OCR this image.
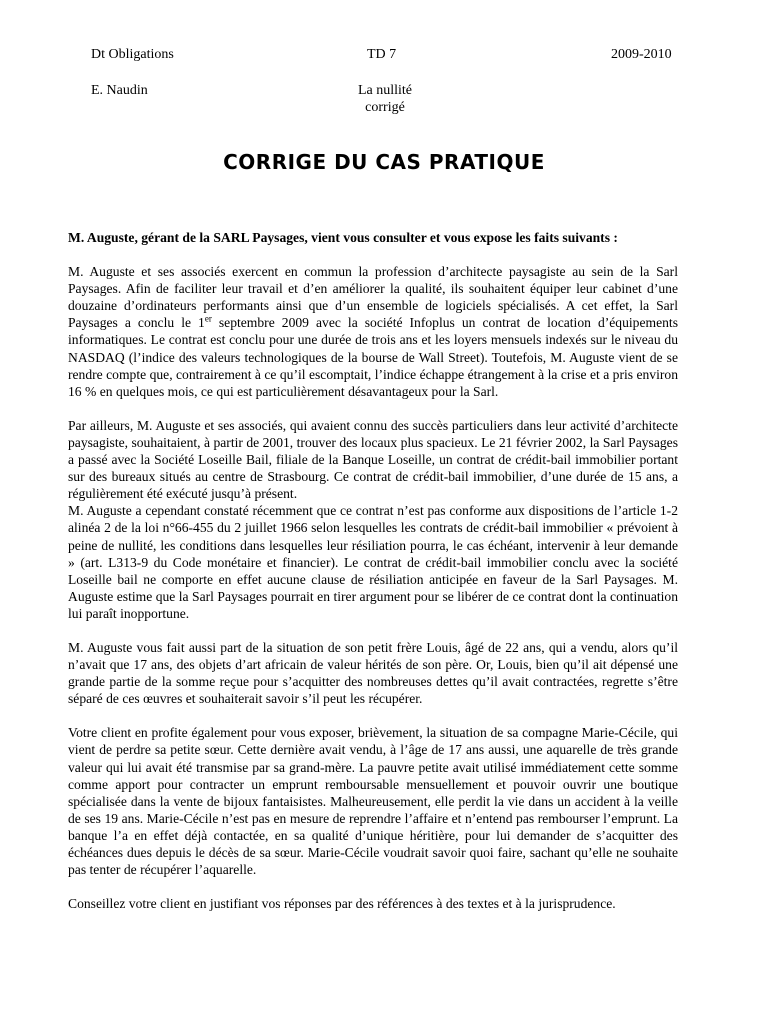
Dt Obligations	TD 7	2009-2010
E. Naudin	La nullité
corrigé
CORRIGE DU CAS PRATIQUE

M. Auguste, gérant de la SARL Paysages, vient vous consulter et vous expose les faits suivants :

M. Auguste et ses associés exercent en commun la profession d’architecte paysagiste au sein de la Sarl Paysages. Afin de faciliter leur travail et d’en améliorer la qualité, ils souhaitent équiper leur cabinet d’une douzaine d’ordinateurs performants ainsi que d’un ensemble de logiciels spécialisés. A cet effet, la Sarl Paysages a conclu le 1er septembre 2009 avec la société Infoplus un contrat de location d’équipements informatiques. Le contrat est conclu pour une durée de trois ans et les loyers mensuels indexés sur le niveau du NASDAQ (l’indice des valeurs technologiques de la bourse de Wall Street). Toutefois, M. Auguste vient de se rendre compte que, contrairement à ce qu’il escomptait, l’indice échappe étrangement à la crise et a pris environ 16 % en quelques mois, ce qui est particulièrement désavantageux pour la Sarl.

Par ailleurs, M. Auguste et ses associés, qui avaient connu des succès particuliers dans leur activité d’architecte paysagiste, souhaitaient, à partir de 2001, trouver des locaux plus spacieux. Le 21 février 2002, la Sarl Paysages a passé avec la Société Loseille Bail, filiale de la Banque Loseille, un contrat de crédit-bail immobilier portant sur des bureaux situés au centre de Strasbourg. Ce contrat de crédit-bail immobilier, d’une durée de 15 ans, a régulièrement été exécuté jusqu’à présent.

M. Auguste a cependant constaté récemment que ce contrat n’est pas conforme aux dispositions de l’article 1-2 alinéa 2 de la loi n°66-455 du 2 juillet 1966 selon lesquelles les contrats de crédit-bail immobilier « prévoient à peine de nullité, les conditions dans lesquelles leur résiliation pourra, le cas échéant, intervenir à leur demande » (art. L313-9 du Code monétaire et financier). Le contrat de crédit-bail immobilier conclu avec la société Loseille bail ne comporte en effet aucune clause de résiliation anticipée en faveur de la Sarl Paysages. M. Auguste estime que la Sarl Paysages pourrait en tirer argument pour se libérer de ce contrat dont la continuation lui paraît inopportune.

M. Auguste vous fait aussi part de la situation de son petit frère Louis, âgé de 22 ans, qui a vendu, alors qu’il n’avait que 17 ans, des objets d’art africain de valeur hérités de son père. Or, Louis, bien qu’il ait dépensé une grande partie de la somme reçue pour s’acquitter des nombreuses dettes qu’il avait contractées, regrette s’être séparé de ces œuvres et souhaiterait savoir s’il peut les récupérer.

Votre client en profite également pour vous exposer, brièvement, la situation de sa compagne Marie-Cécile, qui vient de perdre sa petite sœur. Cette dernière avait vendu, à l’âge de 17 ans aussi, une aquarelle de très grande valeur qui lui avait été transmise par sa grand-mère. La pauvre petite avait utilisé immédiatement cette somme comme apport pour contracter un emprunt remboursable mensuellement et pouvoir ouvrir une boutique spécialisée dans la vente de bijoux fantaisistes. Malheureusement, elle perdit la vie dans un accident à la veille de ses 19 ans. Marie-Cécile n’est pas en mesure de reprendre l’affaire et n’entend pas rembourser l’emprunt. La banque l’a en effet déjà contactée, en sa qualité d’unique héritière, pour lui demander de s’acquitter des échéances dues depuis le décès de sa sœur. Marie-Cécile voudrait savoir quoi faire, sachant qu’elle ne souhaite pas tenter de récupérer l’aquarelle.

Conseillez votre client en justifiant vos réponses par des références à des textes et à la jurisprudence.
